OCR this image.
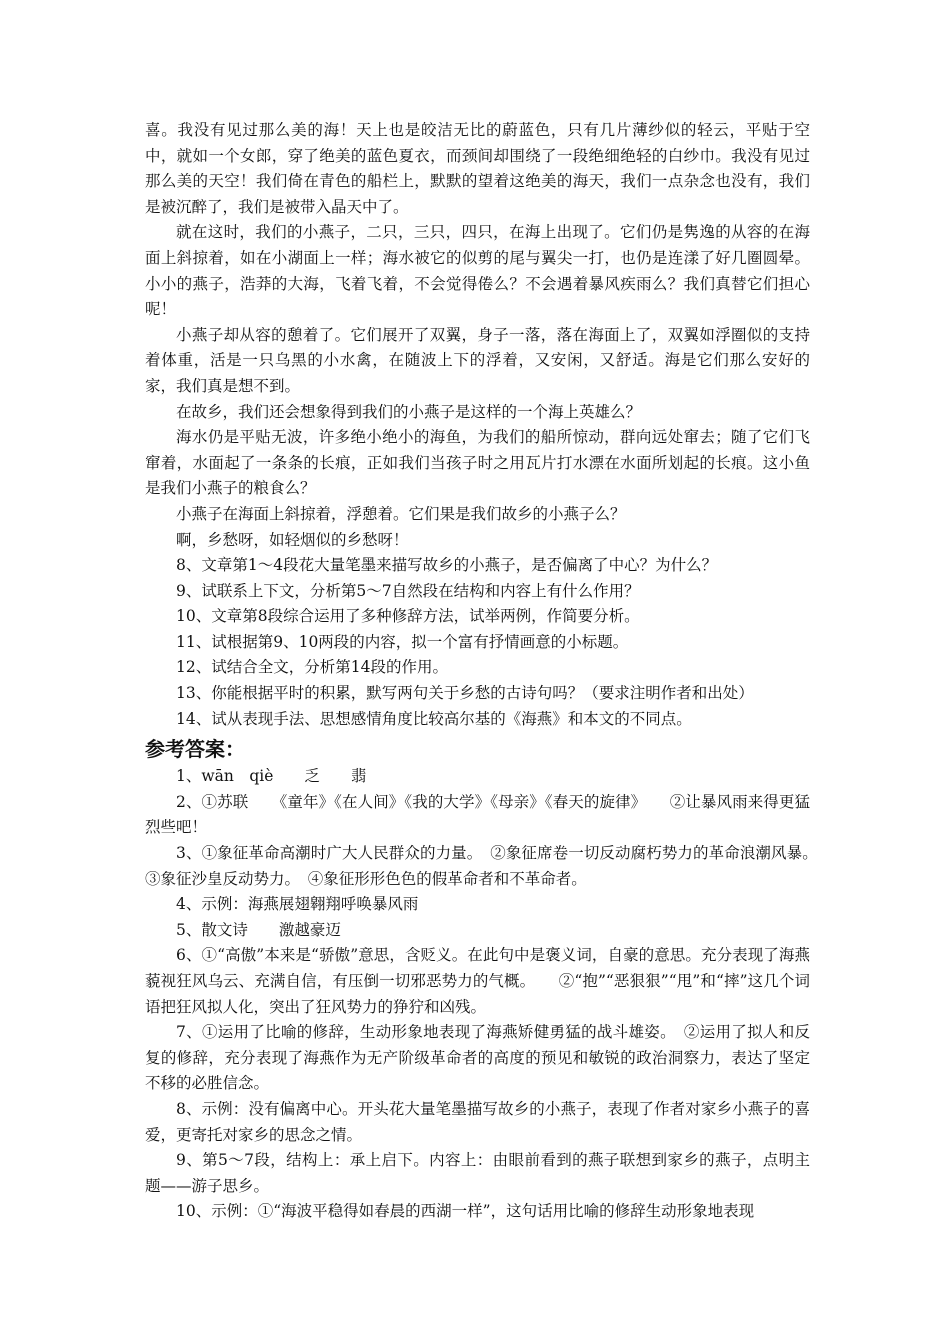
喜。我没有见过那么美的海！天上也是皎洁无比的蔚蓝色，只有几片薄纱似的轻云，平贴于空中，就如一个女郎，穿了绝美的蓝色夏衣，而颈间却围绕了一段绝细绝轻的白纱巾。我没有见过那么美的天空！我们倚在青色的船栏上，默默的望着这绝美的海天，我们一点杂念也没有，我们是被沉醉了，我们是被带入晶天中了。

就在这时，我们的小燕子，二只，三只，四只，在海上出现了。它们仍是隽逸的从容的在海面上斜掠着，如在小湖面上一样；海水被它的似剪的尾与翼尖一打，也仍是连漾了好几圈圆晕。小小的燕子，浩莽的大海，飞着飞着，不会觉得倦么？不会遇着暴风疾雨么？我们真替它们担心呢！

小燕子却从容的憩着了。它们展开了双翼，身子一落，落在海面上了，双翼如浮圈似的支持着体重，活是一只乌黑的小水禽，在随波上下的浮着，又安闲，又舒适。海是它们那么安好的家，我们真是想不到。

在故乡，我们还会想象得到我们的小燕子是这样的一个海上英雄么？

海水仍是平贴无波，许多绝小绝小的海鱼，为我们的船所惊动，群向远处窜去；随了它们飞窜着，水面起了一条条的长痕，正如我们当孩子时之用瓦片打水漂在水面所划起的长痕。这小鱼是我们小燕子的粮食么？

小燕子在海面上斜掠着，浮憩着。它们果是我们故乡的小燕子么？

啊，乡愁呀，如轻烟似的乡愁呀！

8、文章第1～4段花大量笔墨来描写故乡的小燕子，是否偏离了中心？为什么？

9、试联系上下文，分析第5～7自然段在结构和内容上有什么作用？

10、文章第8段综合运用了多种修辞方法，试举两例，作简要分析。

11、试根据第9、10两段的内容，拟一个富有抒情画意的小标题。

12、试结合全文，分析第14段的作用。

13、你能根据平时的积累，默写两句关于乡愁的古诗句吗？（要求注明作者和出处）

14、试从表现手法、思想感情角度比较高尔基的《海燕》和本文的不同点。

参考答案：

1、wān　qiè　　乏　　翡

2、①苏联　　《童年》《在人间》《我的大学》《母亲》《春天的旋律》　　②让暴风雨来得更猛烈些吧！

3、①象征革命高潮时广大人民群众的力量。　②象征席卷一切反动腐朽势力的革命浪潮风暴。　③象征沙皇反动势力。　④象征形形色色的假革命者和不革命者。

4、示例：海燕展翅翱翔呼唤暴风雨

5、散文诗　　激越豪迈

6、①“高傲”本来是“骄傲”意思，含贬义。在此句中是褒义词，自豪的意思。充分表现了海燕藐视狂风乌云、充满自信，有压倒一切邪恶势力的气概。　　②“抱”“恶狠狠”“甩”和“摔”这几个词语把狂风拟人化，突出了狂风势力的狰狞和凶残。

7、①运用了比喻的修辞，生动形象地表现了海燕矫健勇猛的战斗雄姿。　②运用了拟人和反复的修辞，充分表现了海燕作为无产阶级革命者的高度的预见和敏锐的政治洞察力，表达了坚定不移的必胜信念。

8、示例：没有偏离中心。开头花大量笔墨描写故乡的小燕子，表现了作者对家乡小燕子的喜爱，更寄托对家乡的思念之情。

9、第5～7段，结构上：承上启下。内容上：由眼前看到的燕子联想到家乡的燕子，点明主题——游子思乡。

10、示例：①“海波平稳得如春晨的西湖一样”，这句话用比喻的修辞生动形象地表现
